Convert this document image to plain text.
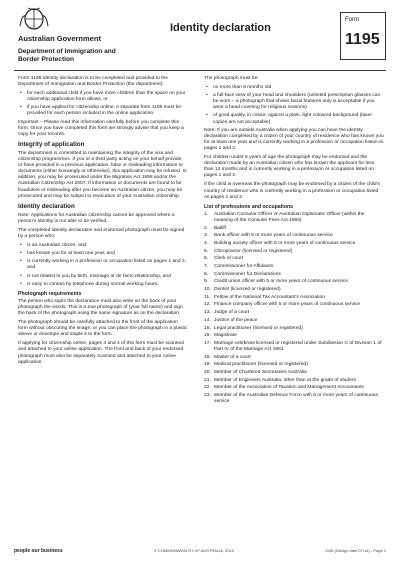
Australian Government
Department of Immigration and Border Protection
Identity declaration
Form
1195

Form 1195 Identity declaration is to be completed and provided to the Department of Immigration and Border Protection (the department):

• for each additional child if you have more children than the space on your citizenship application form allows, or
• if you have applied for citizenship online. A separate form 1195 must be provided for each person included in the online application.

Important – Please read this information carefully before you complete this form. Once you have completed this form we strongly advise that you keep a copy for your records.

Integrity of application

The department is committed to maintaining the integrity of the visa and citizenship programmes. If you or a third party acting on your behalf provide, or have provided in a previous application, false or misleading information or documents (either knowingly or otherwise), this application may be refused. In addition, you may be prosecuted under the Migration Act 1958 and/or the Australian Citizenship Act 2007. If information or documents are found to be fraudulent or misleading after you become an Australian citizen, you may be prosecuted and may be subject to revocation of your Australian citizenship.

Identity declaration

Note: Applications for Australian citizenship cannot be approved where a person's identity is not able to be verified.

The completed identity declaration and endorsed photograph must be signed by a person who:

• is an Australian citizen, and
• has known you for at least one year, and
• is currently working in a profession or occupation listed on pages 1 and 2, and
• is not related to you by birth, marriage or de facto relationship, and
• is easy to contact by telephone during normal working hours.
Photograph requirements

The person who signs the declaration must also write on the back of your photograph the words: This is a true photograph of (your full name) and sign the back of the photograph using the same signature as on the declaration.

The photograph should be carefully attached to the front of the application form without obscuring the image, or you can place the photograph in a plastic sleeve or envelope and staple it to the form.

If applying for citizenship online, pages 3 and 4 of this form must be scanned and attached to your online application. The front and back of your endorsed photograph must also be separately scanned and attached to your online application.

The photograph must be:

• no more than 6 months old
• a full-face view of your head and shoulders (untinted prescription glasses can be worn – a photograph that shows facial features only is acceptable if you wear a head covering for religious reasons)
• of good quality, in colour, against a plain, light coloured background (laser copies are not acceptable).

Note: If you are outside Australia when applying you can have the identity declaration completed by a citizen of your country of residence who has known you for at least one year and is currently working in a profession or occupation listed on pages 1 and 2.

For children under 6 years of age the photograph may be endorsed and the declaration made by an Australian citizen who has known the applicant for less than 12 months and is currently working in a profession or occupation listed on pages 1 and 2.

If the child is overseas the photograph may be endorsed by a citizen of the child's country of residence who is currently working in a profession or occupation listed on pages 1 and 2.

List of professions and occupations
1. Australian Consular Officer or Australian Diplomatic Officer (within the meaning of the Consular Fees Act 1955)
2. Bailiff
3. Bank officer with 5 or more years of continuous service
4. Building society officer with 5 or more years of continuous service
5. Chiropractor (licensed or registered)
6. Clerk of court
7. Commissioner for Affidavits
8. Commissioner for Declarations
9. Credit union officer with 5 or more years of continuous service
10. Dentist (licensed or registered)
11. Fellow of the National Tax Accountant's Association
12. Finance company officer with 5 or more years of continuous service
13. Judge of a court
14. Justice of the peace
15. Legal practitioner (licensed or registered)
16. Magistrate
17. Marriage celebrant licensed or registered under Subdivision C of Division 1 of Part IV of the Marriage Act 1961
18. Master of a court
19. Medical practitioner (licensed or registered)
20. Member of Chartered Secretaries Australia
21. Member of Engineers Australia, other than at the grade of student
22. Member of the Association of Taxation and Management Accountants
23. Member of the Australian Defence Force with 5 or more years of continuous service
people our business	© COMMONWEALTH OF AUSTRALIA, 2014	1195 (Design date 07/14) - Page 1
